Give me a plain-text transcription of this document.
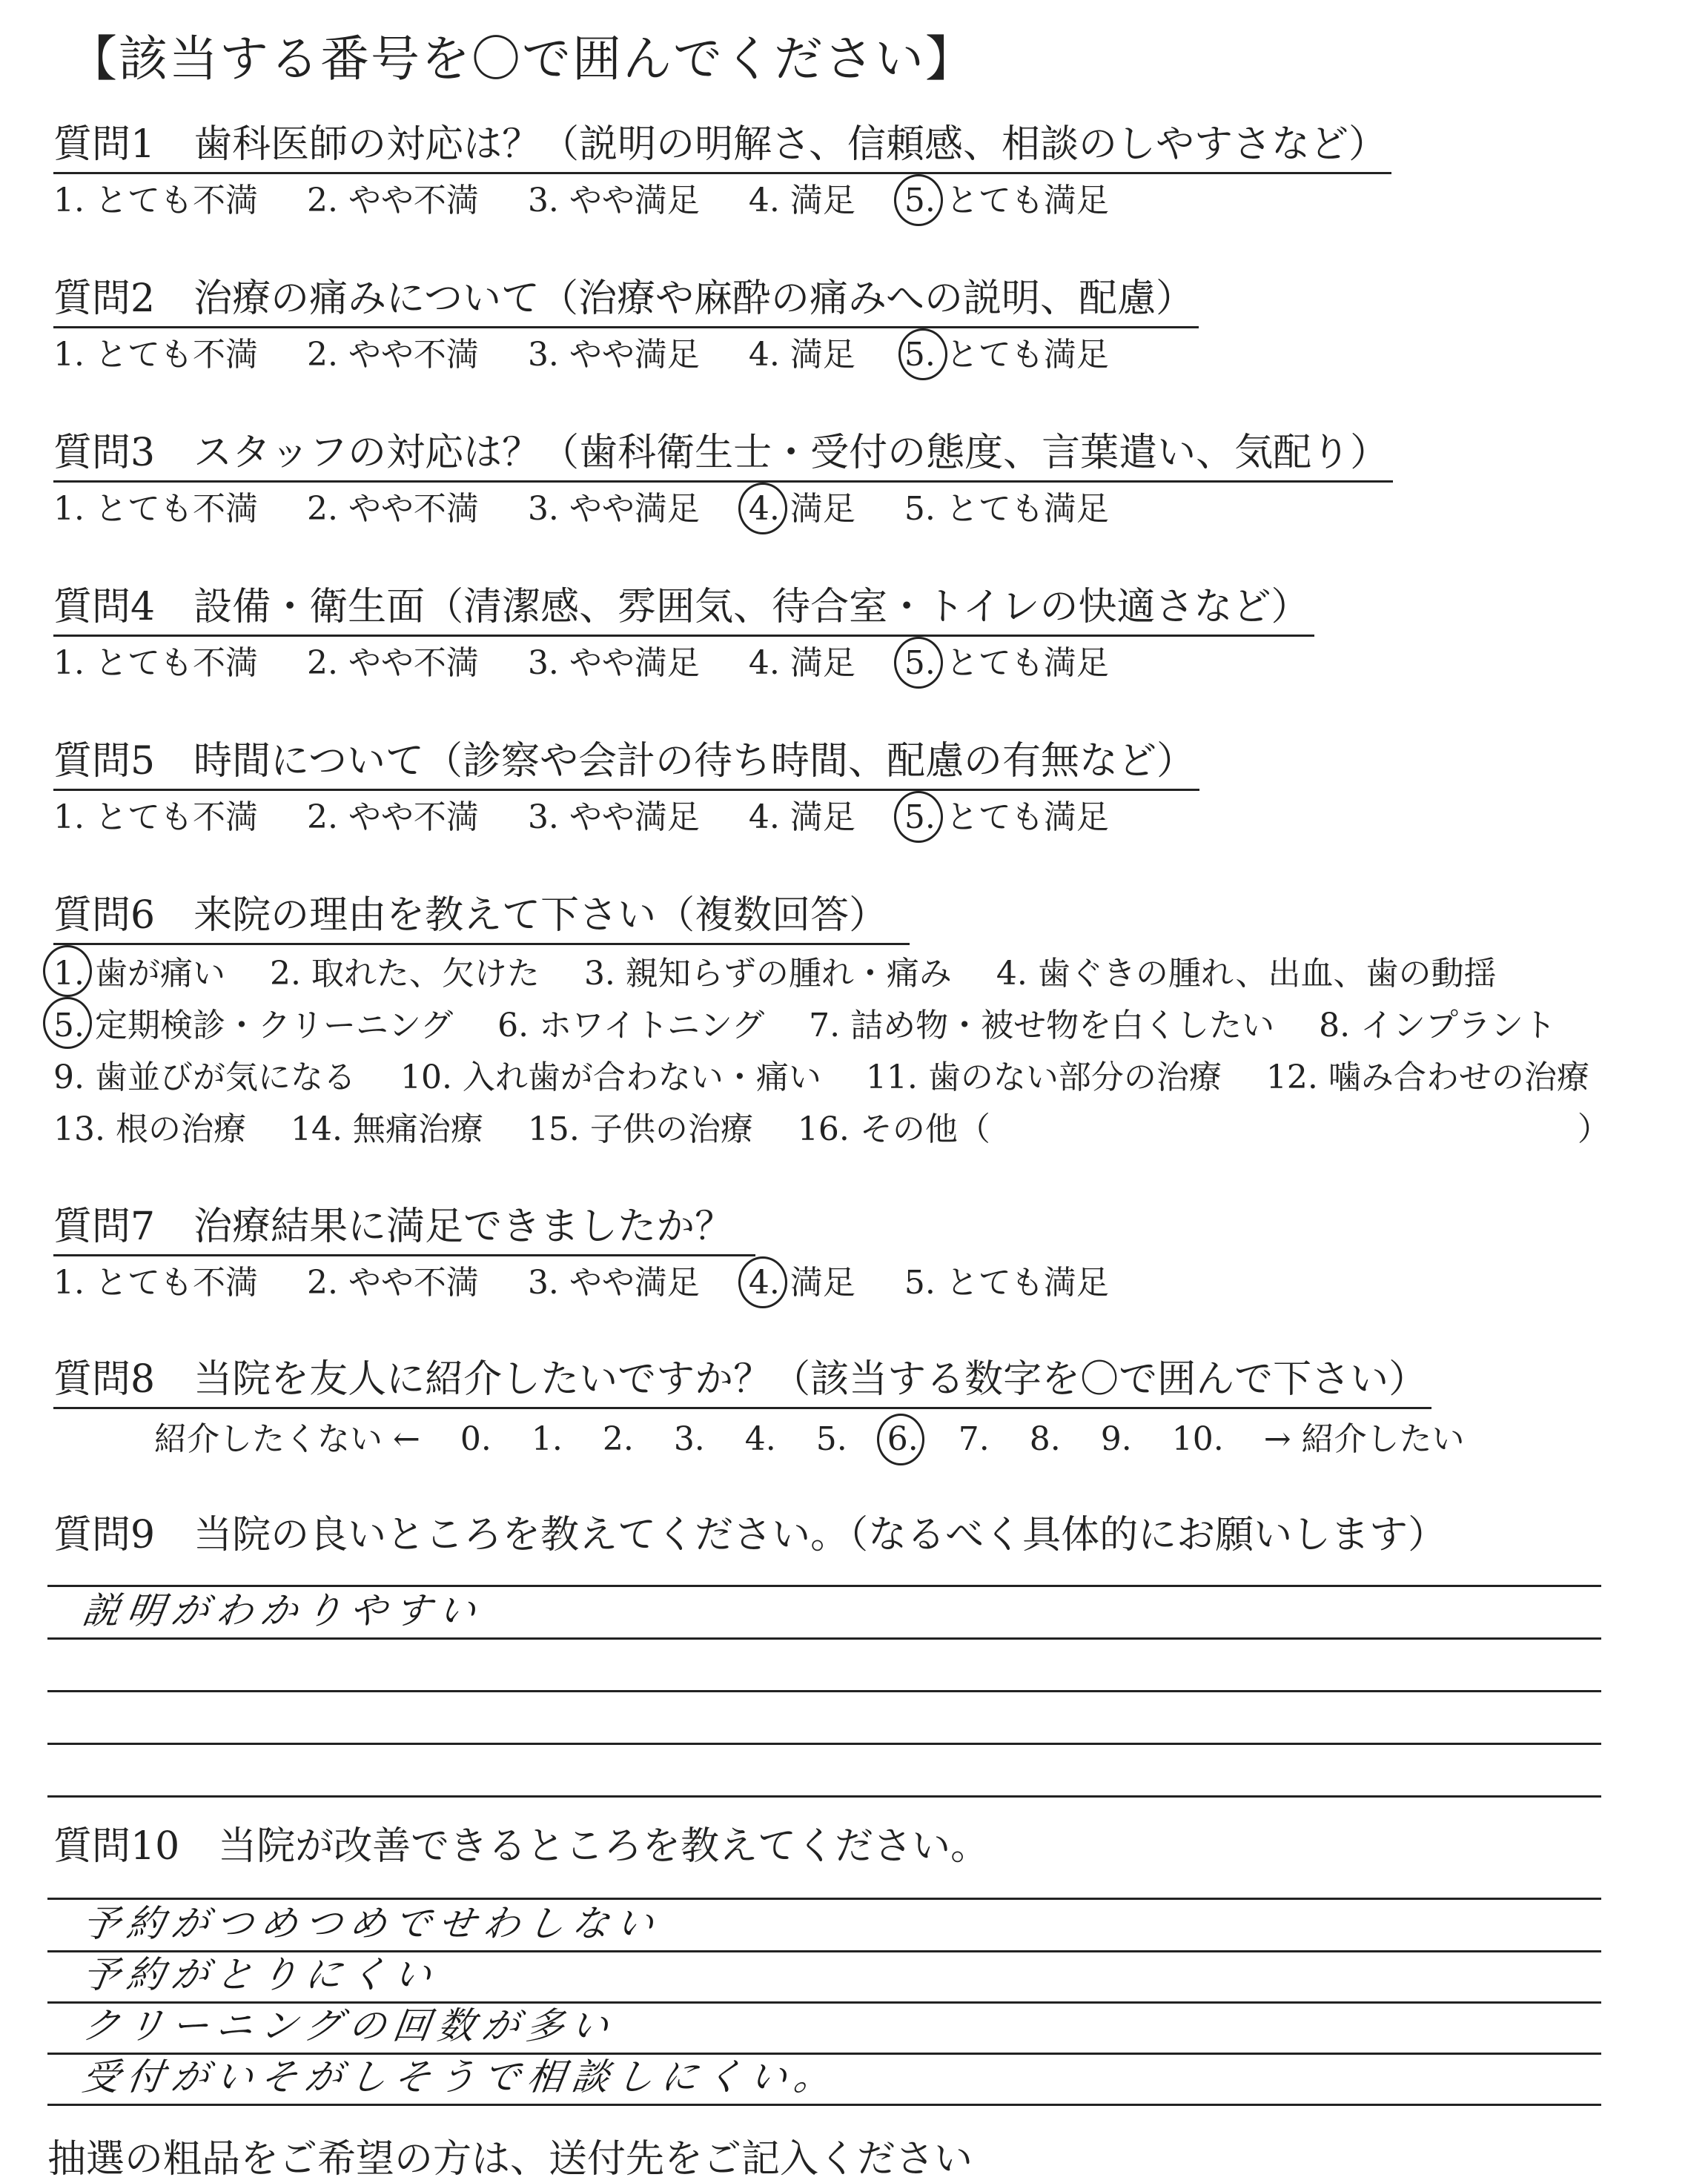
【該当する番号を〇で囲んでください】
質問1　歯科医師の対応は？（説明の明解さ、信頼感、相談のしやすさなど）
1. とても不満 2. やや不満 3. やや満足 4. 満足 5. とても満足
質問2　治療の痛みについて（治療や麻酔の痛みへの説明、配慮）
1. とても不満 2. やや不満 3. やや満足 4. 満足 5. とても満足
質問3　スタッフの対応は？（歯科衛生士・受付の態度、言葉遣い、気配り）
1. とても不満 2. やや不満 3. やや満足 4. 満足 5. とても満足
質問4　設備・衛生面（清潔感、雰囲気、待合室・トイレの快適さなど）
1. とても不満 2. やや不満 3. やや満足 4. 満足 5. とても満足
質問5　時間について（診察や会計の待ち時間、配慮の有無など）
1. とても不満 2. やや不満 3. やや満足 4. 満足 5. とても満足
質問6　来院の理由を教えて下さい（複数回答）
1. 歯が痛い 2. 取れた、欠けた 3. 親知らずの腫れ・痛み 4. 歯ぐきの腫れ、出血、歯の動揺
5. 定期検診・クリーニング 6. ホワイトニング 7. 詰め物・被せ物を白くしたい 8. インプラント
9. 歯並びが気になる 10. 入れ歯が合わない・痛い 11. 歯のない部分の治療 12. 噛み合わせの治療
13. 根の治療 14. 無痛治療 15. 子供の治療 16. その他（　　　　　　　　　　　　　　　　　　）
質問7　治療結果に満足できましたか？
1. とても不満 2. やや不満 3. やや満足 4. 満足 5. とても満足
質問8　当院を友人に紹介したいですか？（該当する数字を〇で囲んで下さい）
紹介したくない ← 0. 1. 2. 3. 4. 5. 6. 7. 8. 9. 10. → 紹介したい
質問9　当院の良いところを教えてください。（なるべく具体的にお願いします）
説明がわかりやすい
質問10　当院が改善できるところを教えてください。
予約がつめつめでせわしない
予約がとりにくい
クリーニングの回数が多い
受付がいそがしそうで相談しにくい。
抽選の粗品をご希望の方は、送付先をご記入ください
